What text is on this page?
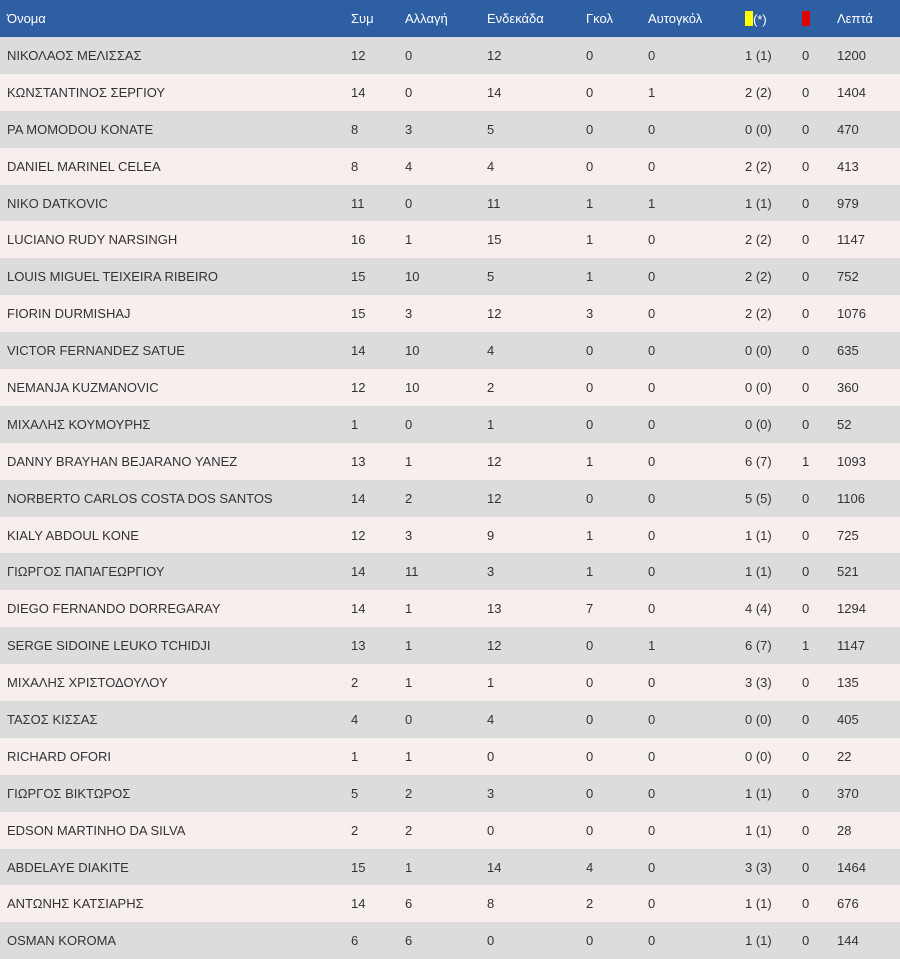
Όνομα	Συμ	Αλλαγή	Ενδεκάδα	Γκολ	Αυτογκόλ	(*)		Λεπτά
ΝΙΚΟΛΑΟΣ ΜΕΛΙΣΣΑΣ	12	0	12	0	0	1 (1)	0	1200
ΚΩΝΣΤΑΝΤΙΝΟΣ ΣΕΡΓΙΟΥ	14	0	14	0	1	2 (2)	0	1404
PA MOMODOU KONATE	8	3	5	0	0	0 (0)	0	470
DANIEL MARINEL CELEA	8	4	4	0	0	2 (2)	0	413
NIKO DATKOVIC	11	0	11	1	1	1 (1)	0	979
LUCIANO RUDY NARSINGH	16	1	15	1	0	2 (2)	0	1147
LOUIS MIGUEL TEIXEIRA RIBEIRO	15	10	5	1	0	2 (2)	0	752
FIORIN DURMISHAJ	15	3	12	3	0	2 (2)	0	1076
VICTOR FERNANDEZ SATUE	14	10	4	0	0	0 (0)	0	635
NEMANJA KUZMANOVIC	12	10	2	0	0	0 (0)	0	360
ΜΙΧΑΛΗΣ ΚΟΥΜΟΥΡΗΣ	1	0	1	0	0	0 (0)	0	52
DANNY BRAYHAN BEJARANO YANEZ	13	1	12	1	0	6 (7)	1	1093
NORBERTO CARLOS COSTA DOS SANTOS	14	2	12	0	0	5 (5)	0	1106
KIALY ABDOUL KONE	12	3	9	1	0	1 (1)	0	725
ΓΙΩΡΓΟΣ ΠΑΠΑΓΕΩΡΓΙΟΥ	14	11	3	1	0	1 (1)	0	521
DIEGO FERNANDO DORREGARAY	14	1	13	7	0	4 (4)	0	1294
SERGE SIDOINE LEUKO TCHIDJI	13	1	12	0	1	6 (7)	1	1147
ΜΙΧΑΛΗΣ ΧΡΙΣΤΟΔΟΥΛΟΥ	2	1	1	0	0	3 (3)	0	135
ΤΑΣΟΣ ΚΙΣΣΑΣ	4	0	4	0	0	0 (0)	0	405
RICHARD OFORI	1	1	0	0	0	0 (0)	0	22
ΓΙΩΡΓΟΣ ΒΙΚΤΩΡΟΣ	5	2	3	0	0	1 (1)	0	370
EDSON MARTINHO DA SILVA	2	2	0	0	0	1 (1)	0	28
ABDELAYE DIAKITE	15	1	14	4	0	3 (3)	0	1464
ΑΝΤΩΝΗΣ ΚΑΤΣΙΑΡΗΣ	14	6	8	2	0	1 (1)	0	676
OSMAN KOROMA	6	6	0	0	0	1 (1)	0	144
